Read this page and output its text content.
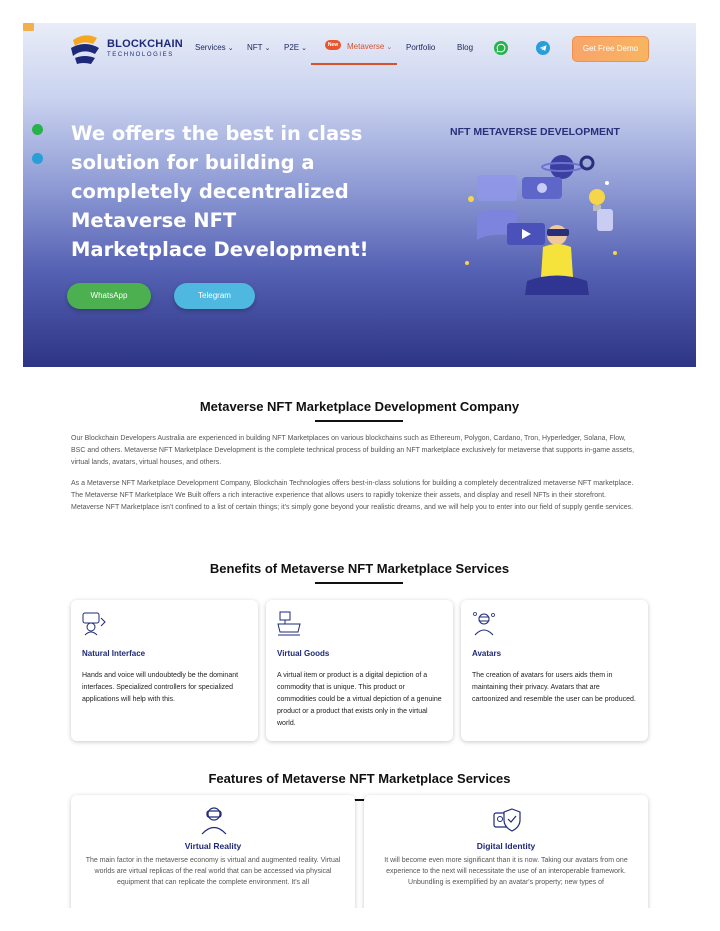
BLOCKCHAIN
TECHNOLOGIES
Services ⌄ NFT ⌄ P2E ⌄	New	Metaverse ⌄ Portfolio	Blog	Get Free Demo
We offers the best in class solution for building a completely decentralized Metaverse NFT Marketplace Development!
WhatsApp	Telegram
NFT METAVERSE DEVELOPMENT
Metaverse NFT Marketplace Development Company

Our Blockchain Developers Australia are experienced in building NFT Marketplaces on various blockchains such as Ethereum, Polygon, Cardano, Tron, Hyperledger, Solana, Flow, BSC and others. Metaverse NFT Marketplace Development is the complete technical process of building an NFT marketplace exclusively for metaverse that supports in-game assets, virtual lands, avatars, virtual houses, and others.

As a Metaverse NFT Marketplace Development Company, Blockchain Technologies offers best-in-class solutions for building a completely decentralized metaverse NFT marketplace. The Metaverse NFT Marketplace We Built offers a rich interactive experience that allows users to rapidly tokenize their assets, and display and resell NFTs in their storefront. Metaverse NFT Marketplace isn't confined to a list of certain things; it's simply gone beyond your realistic dreams, and we will help you to enter into our field of supply gentle services.

Benefits of Metaverse NFT Marketplace Services
Natural Interface
Hands and voice will undoubtedly be the dominant interfaces. Specialized controllers for specialized applications will help with this.
Virtual Goods
A virtual item or product is a digital depiction of a commodity that is unique. This product or commodities could be a virtual depiction of a genuine product or a product that exists only in the virtual world.
Avatars
The creation of avatars for users aids them in maintaining their privacy. Avatars that are cartoonized and resemble the user can be produced.
Features of Metaverse NFT Marketplace Services
Virtual Reality
The main factor in the metaverse economy is virtual and augmented reality. Virtual worlds are virtual replicas of the real world that can be accessed via physical equipment that can replicate the complete environment. It's all
Digital Identity
It will become even more significant than it is now. Taking our avatars from one experience to the next will necessitate the use of an interoperable framework. Unbundling is exemplified by an avatar's property; new types of
